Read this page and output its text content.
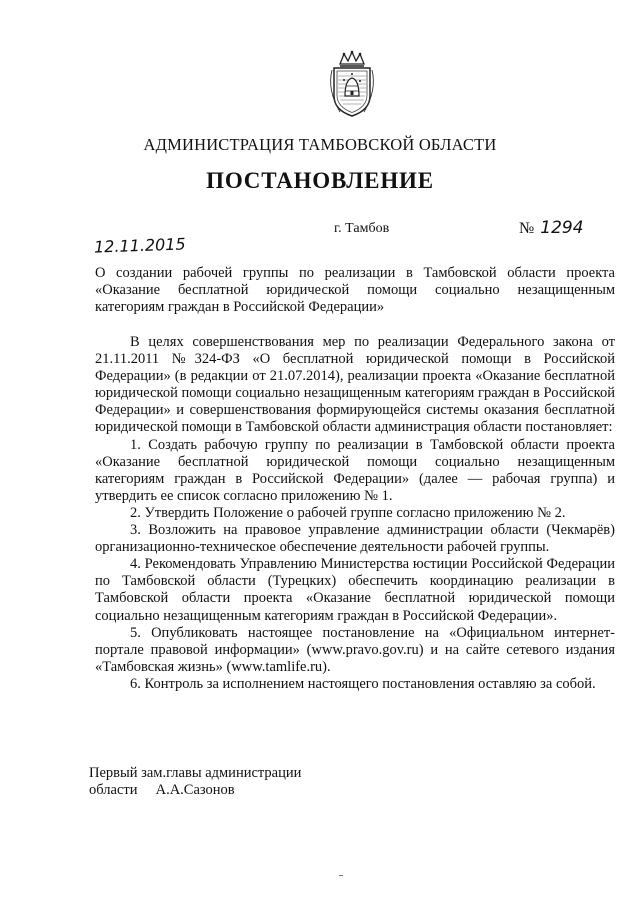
АДМИНИСТРАЦИЯ ТАМБОВСКОЙ ОБЛАСТИ
ПОСТАНОВЛЕНИЕ
г. Тамбов	№ 1294
12.11.2015
О создании рабочей группы по реализации в Тамбовской области проекта «Оказание бесплатной юридической помощи социально незащищенным категориям граждан в Российской Федерации»

В целях совершенствования мер по реализации Федерального закона от 21.11.2011 №324-ФЗ «О бесплатной юридической помощи в Российской Федерации» (в редакции от 21.07.2014), реализации проекта «Оказание бесплатной юридической помощи социально незащищенным категориям граждан в Российской Федерации» и совершенствования формирующейся системы оказания бесплатной юридической помощи в Тамбовской области администрация области постановляет:

1. Создать рабочую группу по реализации в Тамбовской области проекта «Оказание бесплатной юридической помощи социально незащищенным категориям граждан в Российской Федерации» (далее — рабочая группа) и утвердить ее список согласно приложению № 1.

2. Утвердить Положение о рабочей группе согласно приложению № 2.

3. Возложить на правовое управление администрации области (Чекмарёв) организационно-техническое обеспечение деятельности рабочей группы.

4. Рекомендовать Управлению Министерства юстиции Российской Федерации по Тамбовской области (Турецких) обеспечить координацию реализации в Тамбовской области проекта «Оказание бесплатной юридической помощи социально незащищенным категориям граждан в Российской Федерации».

5. Опубликовать настоящее постановление на «Официальном интернет-портале правовой информации» (www.pravo.gov.ru) и на сайте сетевого издания «Тамбовская жизнь» (www.tamlife.ru).

6. Контроль за исполнением настоящего постановления оставляю за собой.

Первый зам.главы администрации
области     А.А.Сазонов
